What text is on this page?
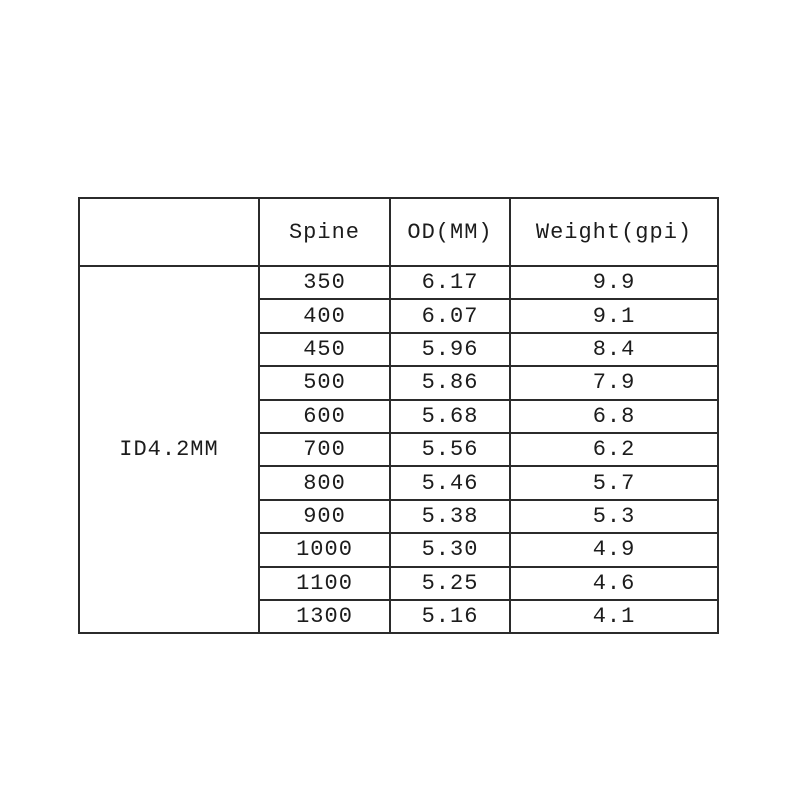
	Spine	OD(MM)	Weight(gpi)
ID4.2MM	350	6.17	9.9
	400	6.07	9.1
	450	5.96	8.4
	500	5.86	7.9
	600	5.68	6.8
	700	5.56	6.2
	800	5.46	5.7
	900	5.38	5.3
	1000	5.30	4.9
	1100	5.25	4.6
	1300	5.16	4.1
